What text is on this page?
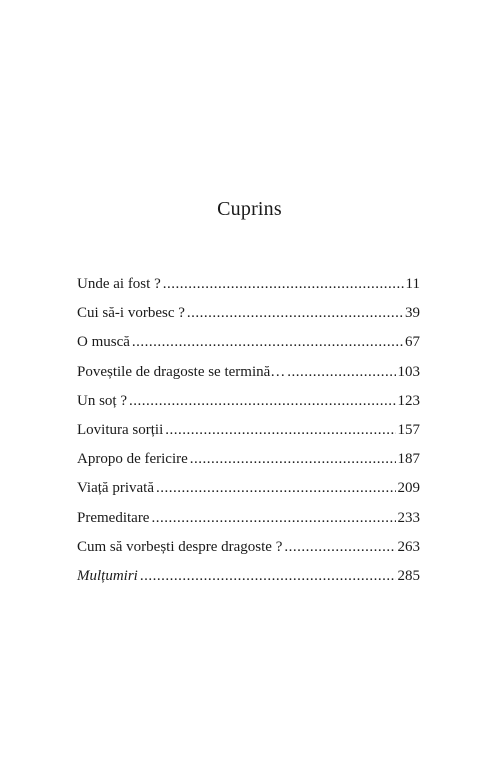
Cuprins
Unde ai fost ? .....	11
Cui să-i vorbesc ? .....	39
O muscă .....	67
Poveștile de dragoste se termină… .....	103
Un soț ? .....	123
Lovitura sorții .....	157
Apropo de fericire .....	187
Viață privată .....	209
Premeditare .....	233
Cum să vorbești despre dragoste ? .....	263
Mulțumiri .....	285
